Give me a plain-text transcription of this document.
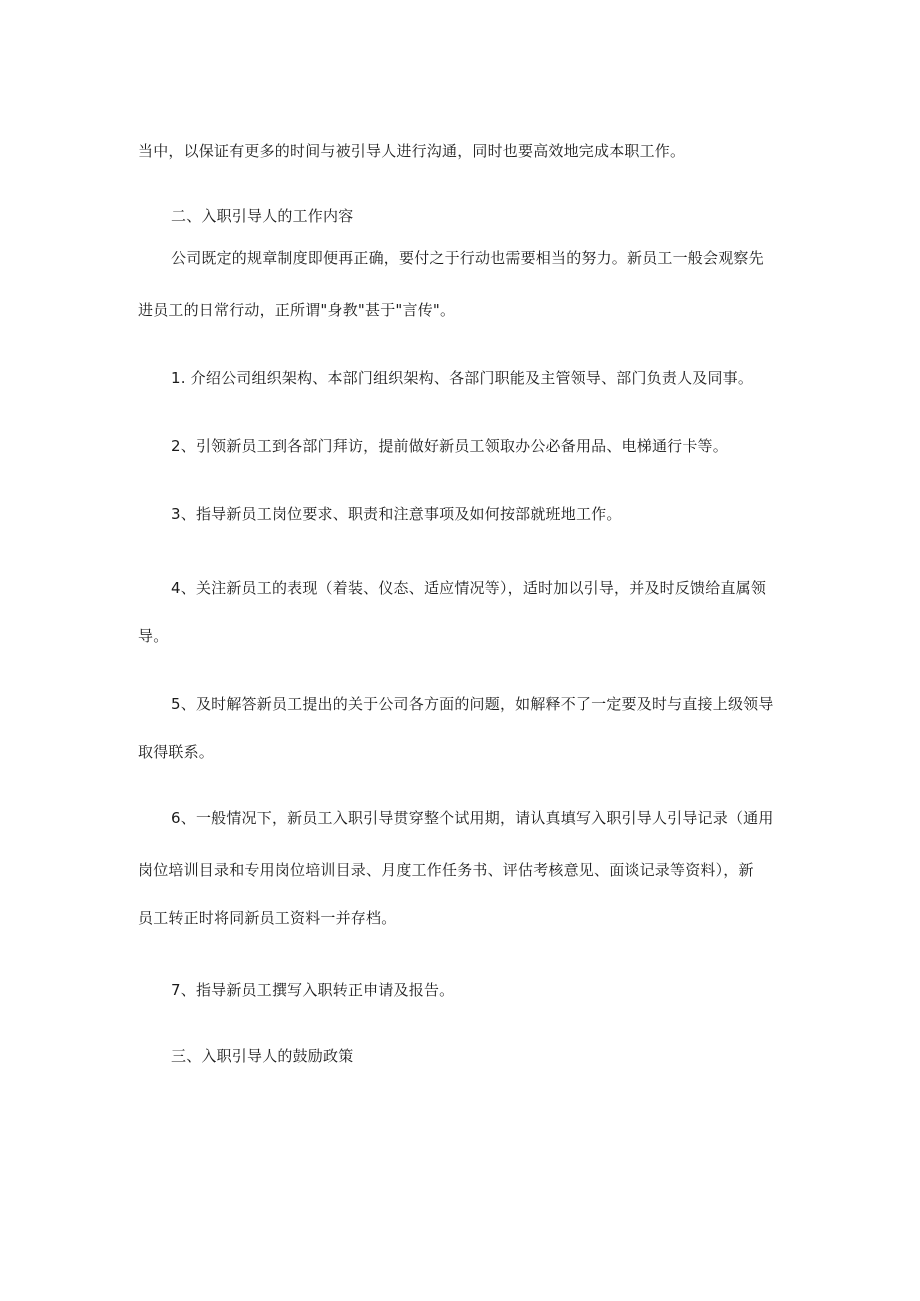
当中，以保证有更多的时间与被引导人进行沟通，同时也要高效地完成本职工作。
二、入职引导人的工作内容
公司既定的规章制度即便再正确，要付之于行动也需要相当的努力。新员工一般会观察先
进员工的日常行动，正所谓"身教"甚于"言传"。
1. 介绍公司组织架构、本部门组织架构、各部门职能及主管领导、部门负责人及同事。
2、引领新员工到各部门拜访，提前做好新员工领取办公必备用品、电梯通行卡等。
3、指导新员工岗位要求、职责和注意事项及如何按部就班地工作。
4、关注新员工的表现（着装、仪态、适应情况等），适时加以引导，并及时反馈给直属领
导。
5、及时解答新员工提出的关于公司各方面的问题，如解释不了一定要及时与直接上级领导
取得联系。
6、一般情况下，新员工入职引导贯穿整个试用期，请认真填写入职引导人引导记录（通用
岗位培训目录和专用岗位培训目录、月度工作任务书、评估考核意见、面谈记录等资料），新
员工转正时将同新员工资料一并存档。
7、指导新员工撰写入职转正申请及报告。
三、入职引导人的鼓励政策
